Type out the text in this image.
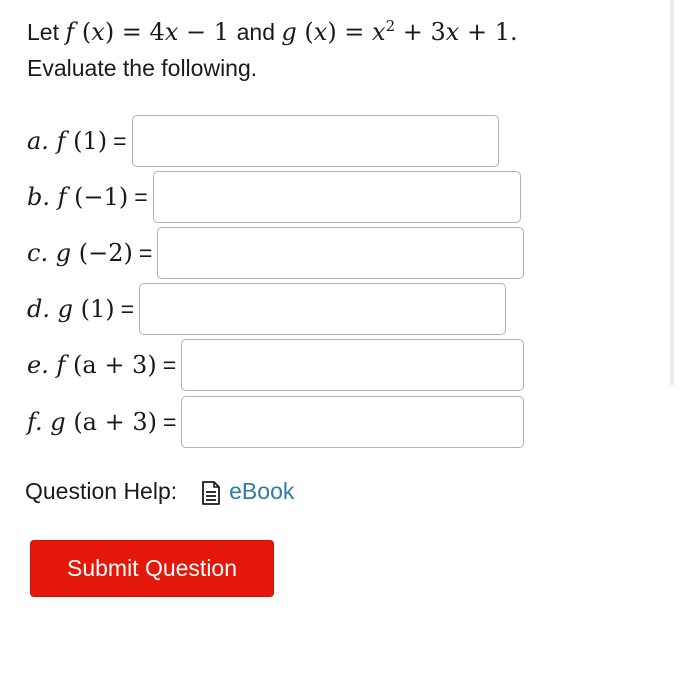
Let f (x) = 4x − 1 and g $(x) = x^2 + 3x + 1$.
Evaluate the following.
a. f (1) =
b. f (−1) =
c. g (−2) =
d. g (1) =
e. f (a + 3) =
f. g (a + 3) =
Question Help: eBook
Submit Question
